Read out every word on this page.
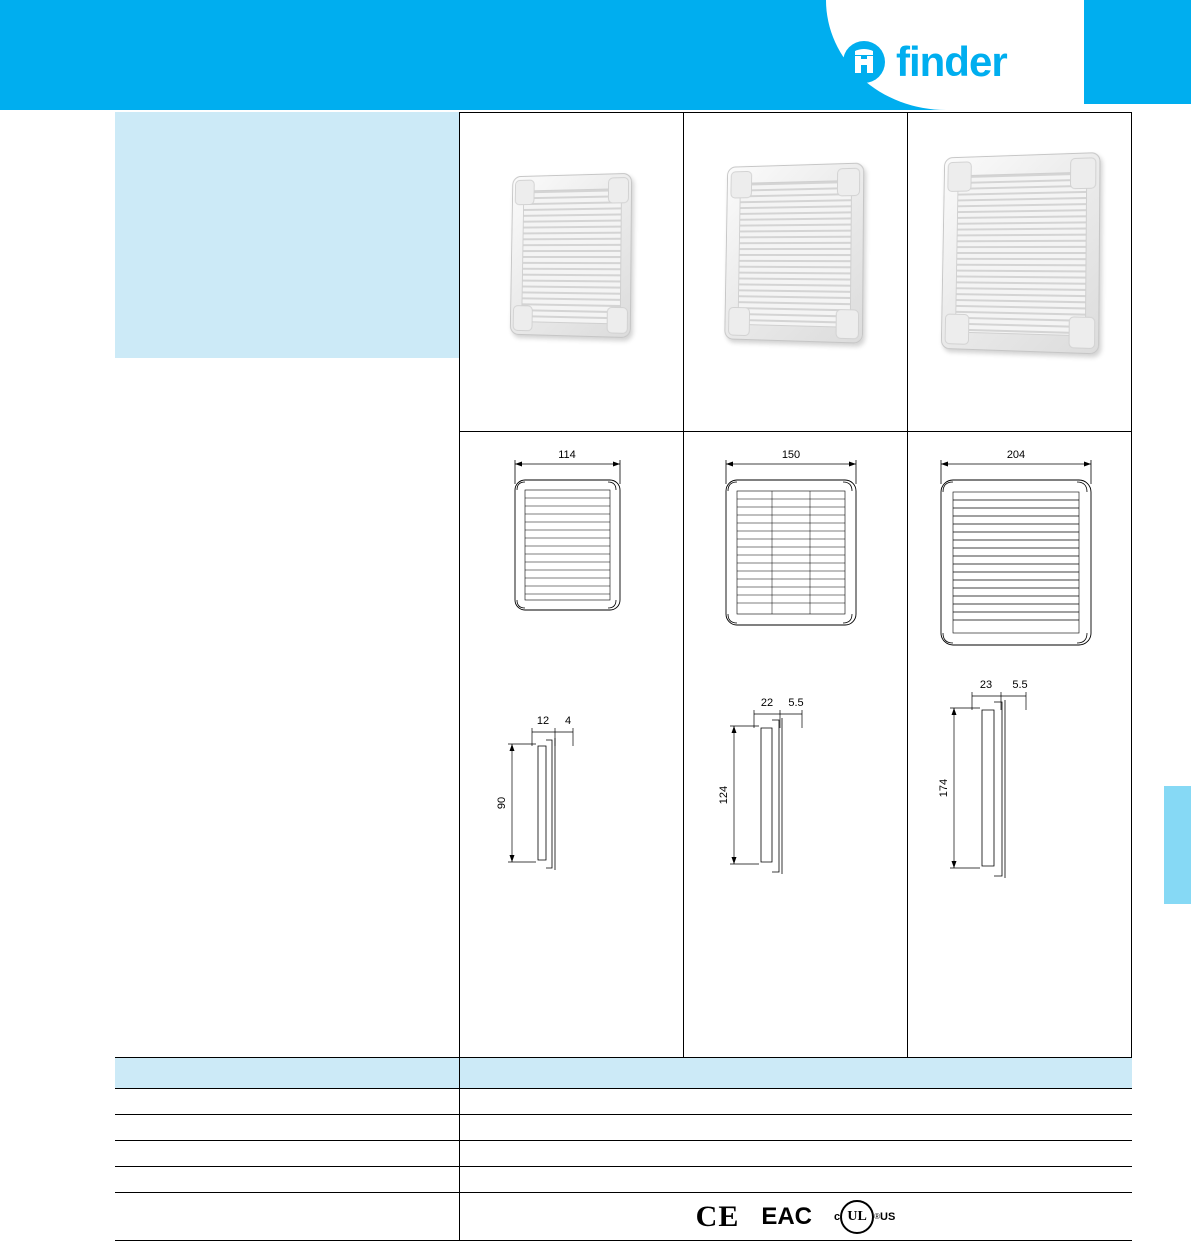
finder
114
12 4
90
150
22 5.5
124
204
23 5.5
174
CE EAC c UL ® US
